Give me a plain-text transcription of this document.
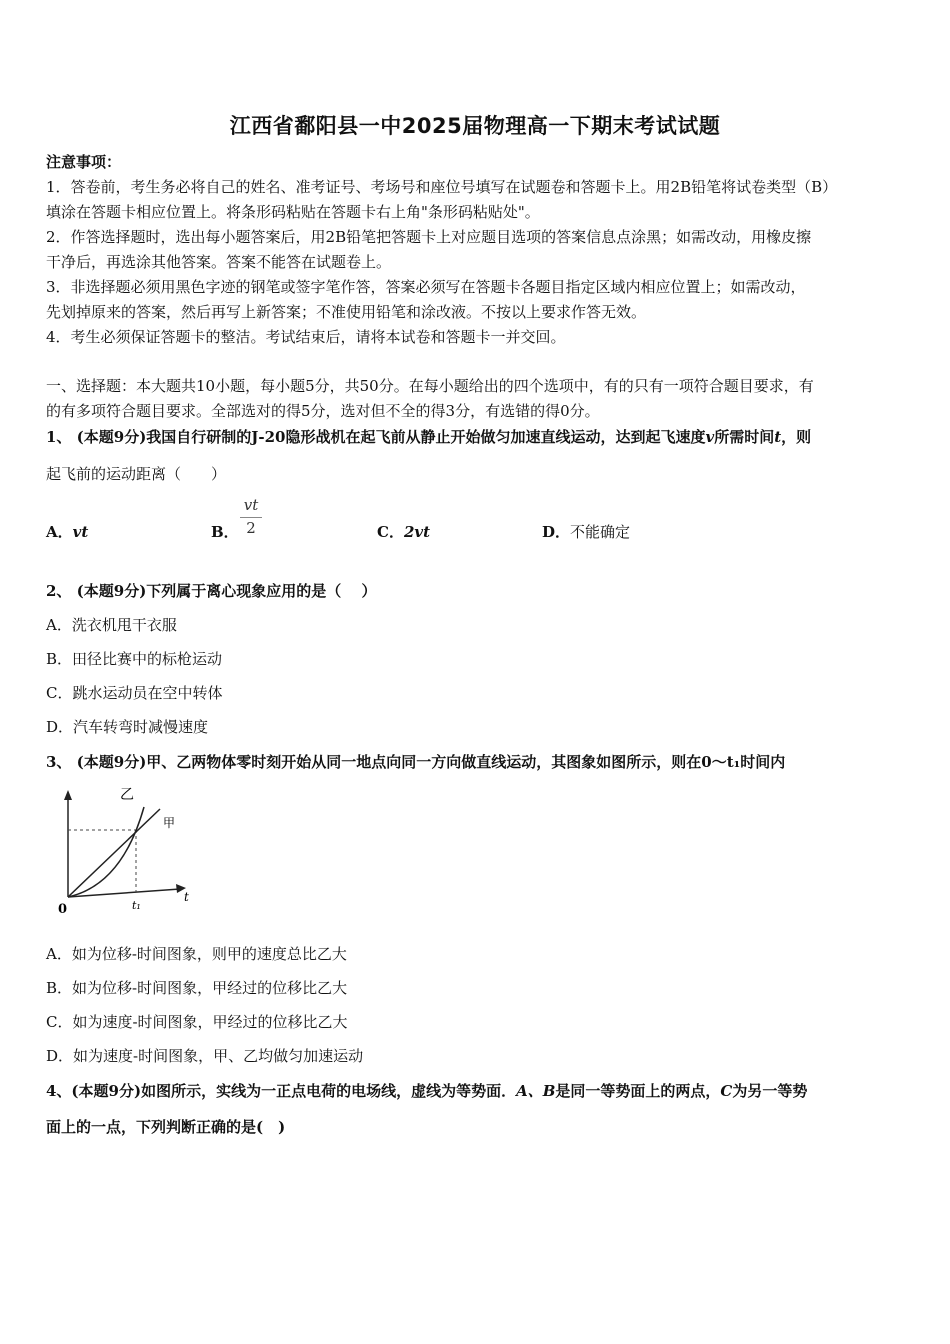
江西省鄱阳县一中2025届物理高一下期末考试试题
注意事项：
1．答卷前，考生务必将自己的姓名、准考证号、考场号和座位号填写在试题卷和答题卡上。用2B铅笔将试卷类型（B）
填涂在答题卡相应位置上。将条形码粘贴在答题卡右上角"条形码粘贴处"。
2．作答选择题时，选出每小题答案后，用2B铅笔把答题卡上对应题目选项的答案信息点涂黑；如需改动，用橡皮擦
干净后，再选涂其他答案。答案不能答在试题卷上。
3．非选择题必须用黑色字迹的钢笔或签字笔作答，答案必须写在答题卡各题目指定区域内相应位置上；如需改动，
先划掉原来的答案，然后再写上新答案；不准使用铅笔和涂改液。不按以上要求作答无效。
4．考生必须保证答题卡的整洁。考试结束后，请将本试卷和答题卡一并交回。
一、选择题：本大题共10小题，每小题5分，共50分。在每小题给出的四个选项中，有的只有一项符合题目要求，有
的有多项符合题目要求。全部选对的得5分，选对但不全的得3分，有选错的得0分。
1、 (本题9分)我国自行研制的J-20隐形战机在起飞前从静止开始做匀加速直线运动，达到起飞速度v所需时间t，则
起飞前的运动距离（　　）
A．vt	B．
vt
2	C．2vt	D．不能确定
2、 (本题9分)下列属于离心现象应用的是（　 ）
A．洗衣机甩干衣服
B．田径比赛中的标枪运动
C．跳水运动员在空中转体
D．汽车转弯时减慢速度
3、 (本题9分)甲、乙两物体零时刻开始从同一地点向同一方向做直线运动，其图象如图所示，则在0～t₁时间内
乙
甲
0	t₁
t
A．如为位移-时间图象，则甲的速度总比乙大
B．如为位移-时间图象，甲经过的位移比乙大
C．如为速度-时间图象，甲经过的位移比乙大
D．如为速度-时间图象，甲、乙均做匀加速运动
4、(本题9分)如图所示，实线为一正点电荷的电场线，虚线为等势面．A、B是同一等势面上的两点，C为另一等势
面上的一点，下列判断正确的是(　)
